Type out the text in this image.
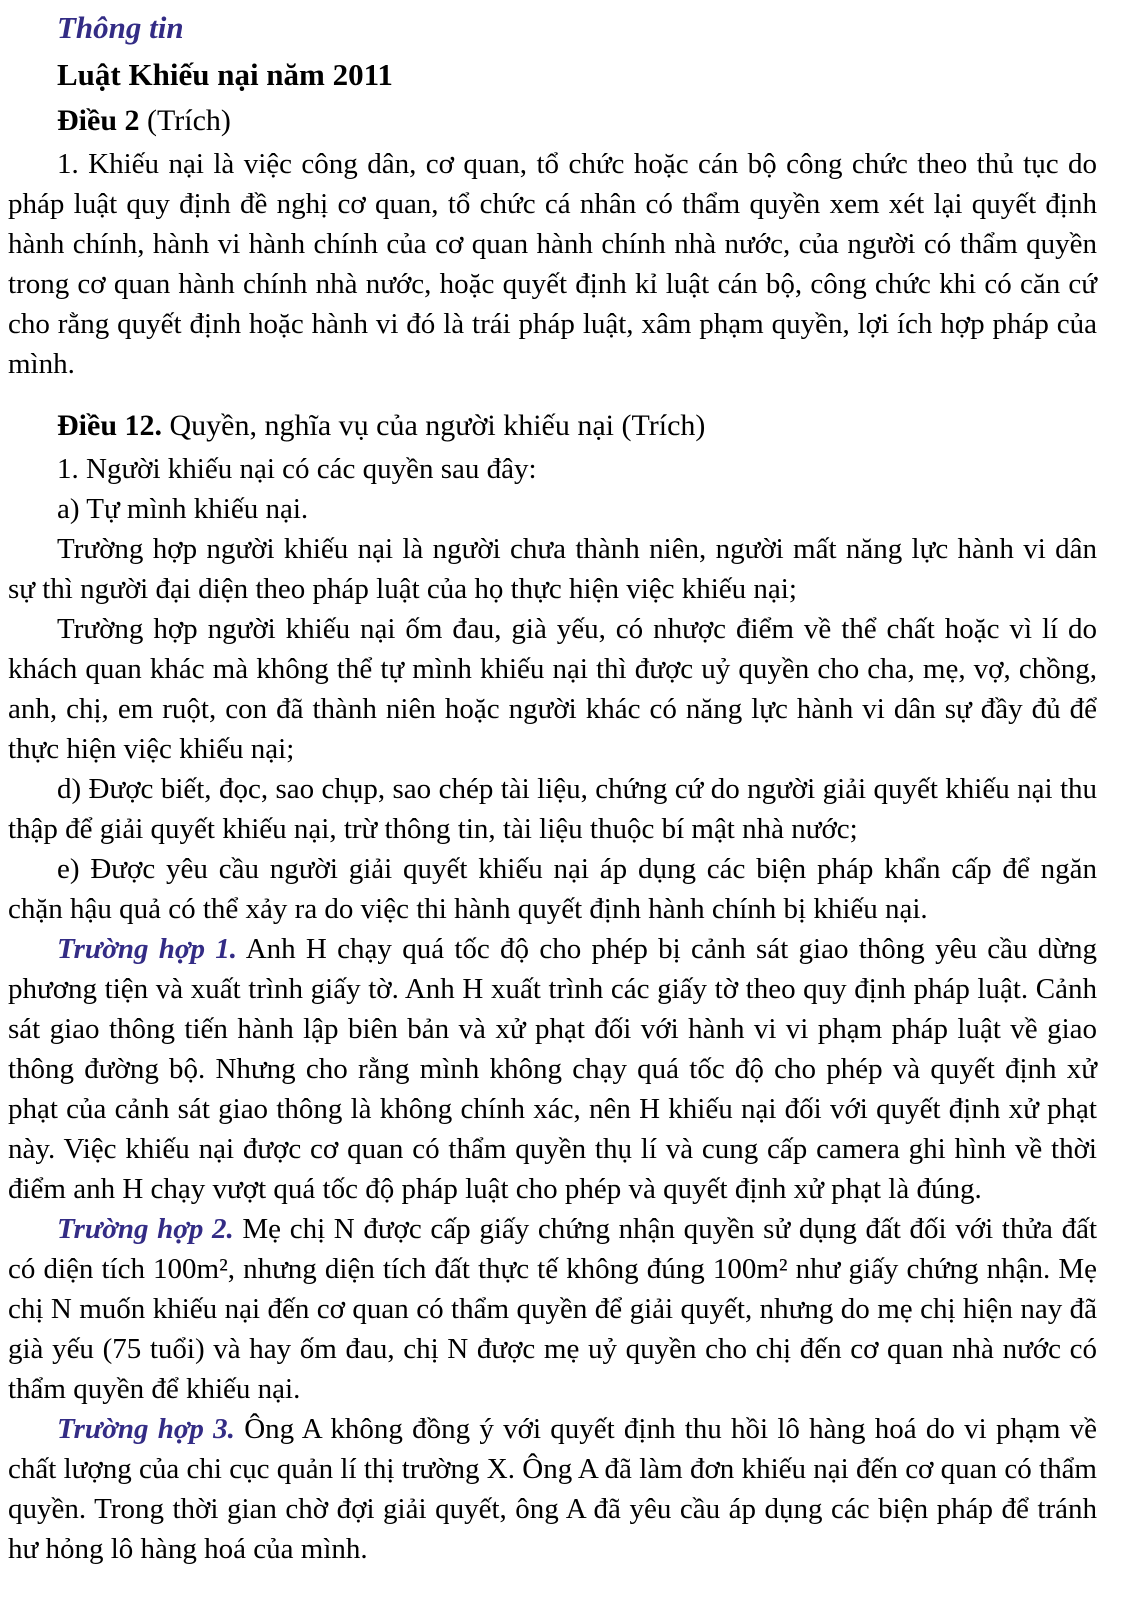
Thông tin
Luật Khiếu nại năm 2011

Điều 2 (Trích)

1. Khiếu nại là việc công dân, cơ quan, tổ chức hoặc cán bộ công chức theo thủ tục do pháp luật quy định đề nghị cơ quan, tổ chức cá nhân có thẩm quyền xem xét lại quyết định hành chính, hành vi hành chính của cơ quan hành chính nhà nước, của người có thẩm quyền trong cơ quan hành chính nhà nước, hoặc quyết định kỉ luật cán bộ, công chức khi có căn cứ cho rằng quyết định hoặc hành vi đó là trái pháp luật, xâm phạm quyền, lợi ích hợp pháp của mình.

Điều 12. Quyền, nghĩa vụ của người khiếu nại (Trích)

1. Người khiếu nại có các quyền sau đây:

a) Tự mình khiếu nại.

Trường hợp người khiếu nại là người chưa thành niên, người mất năng lực hành vi dân sự thì người đại diện theo pháp luật của họ thực hiện việc khiếu nại;

Trường hợp người khiếu nại ốm đau, già yếu, có nhược điểm về thể chất hoặc vì lí do khách quan khác mà không thể tự mình khiếu nại thì được uỷ quyền cho cha, mẹ, vợ, chồng, anh, chị, em ruột, con đã thành niên hoặc người khác có năng lực hành vi dân sự đầy đủ để thực hiện việc khiếu nại;

d) Được biết, đọc, sao chụp, sao chép tài liệu, chứng cứ do người giải quyết khiếu nại thu thập để giải quyết khiếu nại, trừ thông tin, tài liệu thuộc bí mật nhà nước;

e) Được yêu cầu người giải quyết khiếu nại áp dụng các biện pháp khẩn cấp để ngăn chặn hậu quả có thể xảy ra do việc thi hành quyết định hành chính bị khiếu nại.

Trường hợp 1. Anh H chạy quá tốc độ cho phép bị cảnh sát giao thông yêu cầu dừng phương tiện và xuất trình giấy tờ. Anh H xuất trình các giấy tờ theo quy định pháp luật. Cảnh sát giao thông tiến hành lập biên bản và xử phạt đối với hành vi vi phạm pháp luật về giao thông đường bộ. Nhưng cho rằng mình không chạy quá tốc độ cho phép và quyết định xử phạt của cảnh sát giao thông là không chính xác, nên H khiếu nại đối với quyết định xử phạt này. Việc khiếu nại được cơ quan có thẩm quyền thụ lí và cung cấp camera ghi hình về thời điểm anh H chạy vượt quá tốc độ pháp luật cho phép và quyết định xử phạt là đúng.

Trường hợp 2. Mẹ chị N được cấp giấy chứng nhận quyền sử dụng đất đối với thửa đất có diện tích 100m², nhưng diện tích đất thực tế không đúng 100m² như giấy chứng nhận. Mẹ chị N muốn khiếu nại đến cơ quan có thẩm quyền để giải quyết, nhưng do mẹ chị hiện nay đã già yếu (75 tuổi) và hay ốm đau, chị N được mẹ uỷ quyền cho chị đến cơ quan nhà nước có thẩm quyền để khiếu nại.

Trường hợp 3. Ông A không đồng ý với quyết định thu hồi lô hàng hoá do vi phạm về chất lượng của chi cục quản lí thị trường X. Ông A đã làm đơn khiếu nại đến cơ quan có thẩm quyền. Trong thời gian chờ đợi giải quyết, ông A đã yêu cầu áp dụng các biện pháp để tránh hư hỏng lô hàng hoá của mình.
